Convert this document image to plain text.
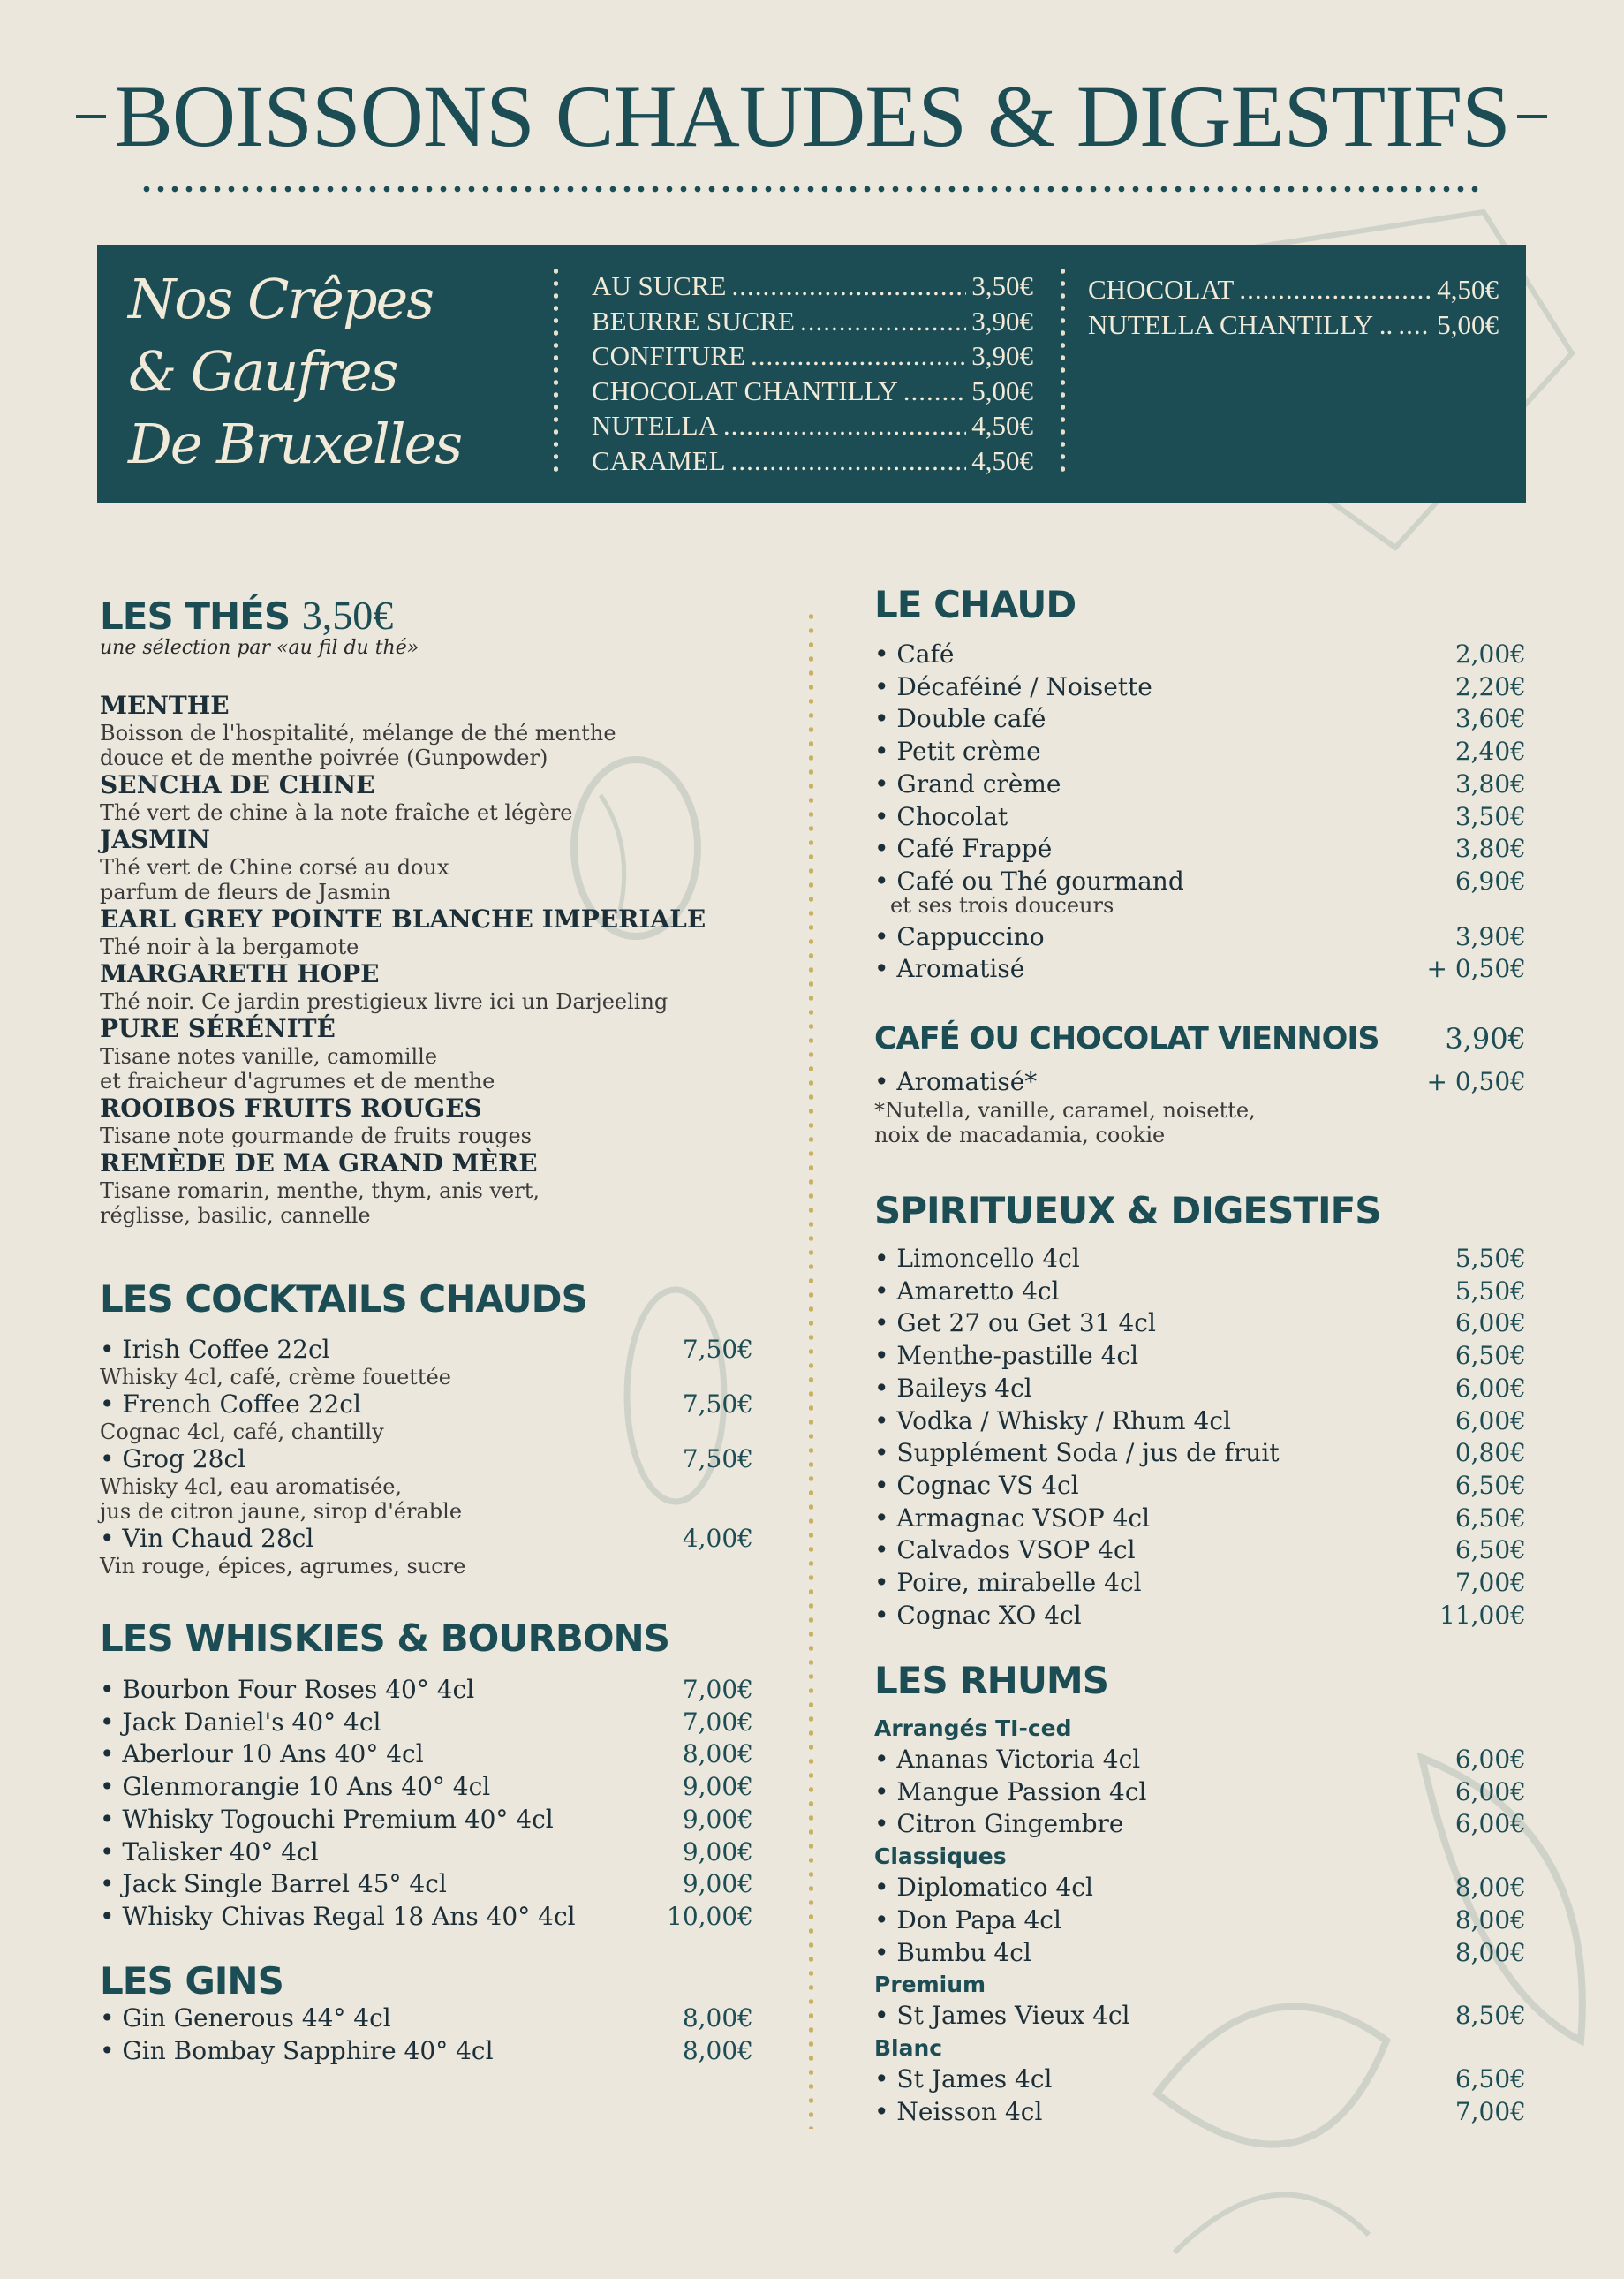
BOISSONS CHAUDES & DIGESTIFS
Nos Crêpes
& Gaufres
De Bruxelles
AU SUCRE .....	3,50€
BEURRE SUCRE .....	3,90€
CONFITURE .....	3,90€
CHOCOLAT CHANTILLY .....	5,00€
NUTELLA .....	4,50€
CARAMEL .....	4,50€
CHOCOLAT .....	4,50€
NUTELLA CHANTILLY .. ..... 5,00€
LES THÉS 3,50€
une sélection par «au fil du thé»
MENTHE
Boisson de l'hospitalité, mélange de thé menthe
douce et de menthe poivrée (Gunpowder)
SENCHA DE CHINE
Thé vert de chine à la note fraîche et légère
JASMIN
Thé vert de Chine corsé au doux
parfum de fleurs de Jasmin
EARL GREY POINTE BLANCHE IMPERIALE
Thé noir à la bergamote
MARGARETH HOPE
Thé noir. Ce jardin prestigieux livre ici un Darjeeling
PURE SÉRÉNITÉ
Tisane notes vanille, camomille
et fraicheur d'agrumes et de menthe
ROOIBOS FRUITS ROUGES
Tisane note gourmande de fruits rouges
REMÈDE DE MA GRAND MÈRE
Tisane romarin, menthe, thym, anis vert,
réglisse, basilic, cannelle
LES COCKTAILS CHAUDS
• Irish Coffee 22cl	7,50€
Whisky 4cl, café, crème fouettée
• French Coffee 22cl	7,50€
Cognac 4cl, café, chantilly
• Grog 28cl	7,50€
Whisky 4cl, eau aromatisée,
jus de citron jaune, sirop d'érable
• Vin Chaud 28cl	4,00€
Vin rouge, épices, agrumes, sucre
LES WHISKIES & BOURBONS
• Bourbon Four Roses 40° 4cl	7,00€
• Jack Daniel's 40° 4cl	7,00€
• Aberlour 10 Ans 40° 4cl	8,00€
• Glenmorangie 10 Ans 40° 4cl	9,00€
• Whisky Togouchi Premium 40° 4cl	9,00€
• Talisker 40° 4cl	9,00€
• Jack Single Barrel 45° 4cl	9,00€
• Whisky Chivas Regal 18 Ans 40° 4cl	10,00€
LES GINS
• Gin Generous 44° 4cl	8,00€
• Gin Bombay Sapphire 40° 4cl	8,00€
LE CHAUD
• Café	2,00€
• Décaféiné / Noisette	2,20€
• Double café	3,60€
• Petit crème	2,40€
• Grand crème	3,80€
• Chocolat	3,50€
• Café Frappé	3,80€
• Café ou Thé gourmand	6,90€
et ses trois douceurs
• Cappuccino	3,90€
• Aromatisé	+ 0,50€
CAFÉ OU CHOCOLAT VIENNOIS 3,90€
• Aromatisé*	+ 0,50€
*Nutella, vanille, caramel, noisette,
noix de macadamia, cookie
SPIRITUEUX & DIGESTIFS
• Limoncello 4cl	5,50€
• Amaretto 4cl	5,50€
• Get 27 ou Get 31 4cl	6,00€
• Menthe-pastille 4cl	6,50€
• Baileys 4cl	6,00€
• Vodka / Whisky / Rhum 4cl	6,00€
• Supplément Soda / jus de fruit	0,80€
• Cognac VS 4cl	6,50€
• Armagnac VSOP 4cl	6,50€
• Calvados VSOP 4cl	6,50€
• Poire, mirabelle 4cl	7,00€
• Cognac XO 4cl	11,00€
LES RHUMS
Arrangés TI-ced
• Ananas Victoria 4cl	6,00€
• Mangue Passion 4cl	6,00€
• Citron Gingembre	6,00€
Classiques
• Diplomatico 4cl	8,00€
• Don Papa 4cl	8,00€
• Bumbu 4cl	8,00€
Premium
• St James Vieux 4cl	8,50€
Blanc
• St James 4cl	6,50€
• Neisson 4cl	7,00€
